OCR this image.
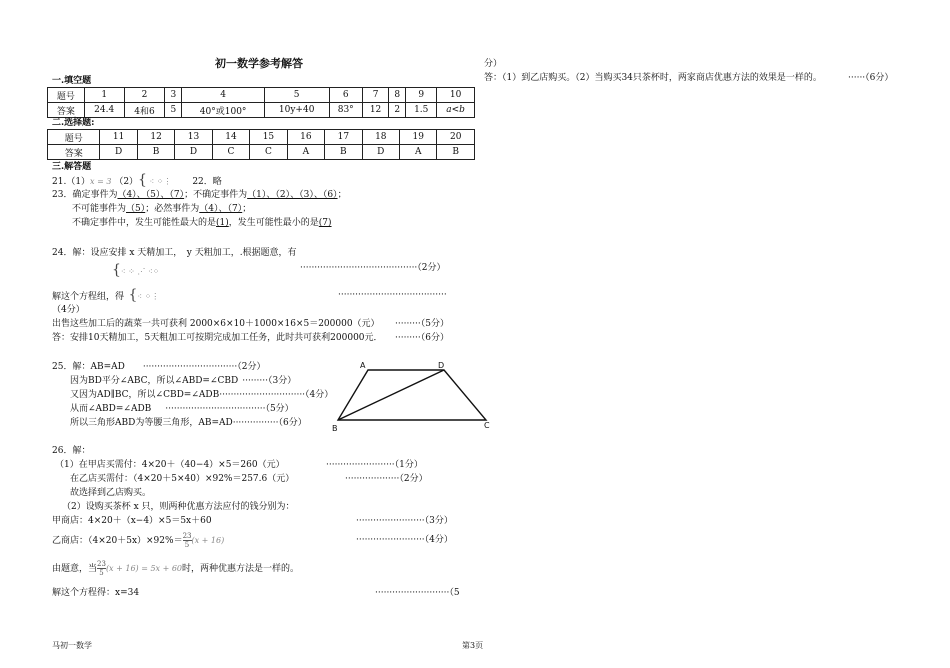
初一数学参考解答
一.填空题
题号	1	2	3	4	5	6	7	8	9	10
答案	24.4	4和6	5	40°或100°	10y+40	83°	12	2	1.5	a<b
二.选择题:
题号	11	12	13	14	15	16	17	18	19	20
答案	D	B	D	C	C	A	B	D	A	B
三.解答题
21.（1）x = 3 （2）{ ⁖ ⁘⋮ 22．略
23．确定事件为（4）、（5）、（7）；不确定事件为（1）、（2）、（3）、（6）；
不可能事件为（5）；必然事件为（4）、（7）；
不确定事件中，发生可能性最大的是(1)，发生可能性最小的是(7)
24．解：设应安排 x 天精加工，　y 天粗加工，.根据题意，有
{⁖ ⁘ ⋰ ⁖⁘	·········································（2分）
解这个方程组，得 {⁖ ⁘⋮	······································
（4分）
出售这些加工后的蔬菜一共可获利 2000×6×10＋1000×16×5＝200000（元） ·········（5分）
答：安排10天精加工，5天粗加工可按期完成加工任务，此时共可获利200000元． ·········（6分）
25．解：AB=AD ·································（2分）
因为BD平分∠ABC，所以∠ABD=∠CBD ·········（3分）
又因为AD∥BC，所以∠CBD=∠ADB······························（4分）
从而∠ABD=∠ADB ···································（5分）
所以三角形ABD为等腰三角形，AB=AD················（6分）
A	D
B	C
26．解：
（1）在甲店买需付：4×20＋（40−4）×5＝260（元）	························（1分）
在乙店买需付：（4×20＋5×40）×92%＝257.6（元）	···················（2分）
故选择到乙店购买。
（2）设购买茶杯 x 只，则两种优惠方法应付的钱分别为：
甲商店：4×20＋（x−4）×5＝5x＋60	························（3分）
乙商店：$(4\times 20+5x)\times 92\%= \frac{23}{5} (x + 16)$	························（4分）
由题意，当 $\frac{23}{5} (x + 16) = 5x + 60$时，两种优惠方法是一样的。
解这个方程得：x=34	··························（5
分）
答：（1）到乙店购买。（2）当购买34只茶杯时，两家商店优惠方法的效果是一样的。	······（6分）
马初一数学	第3页
